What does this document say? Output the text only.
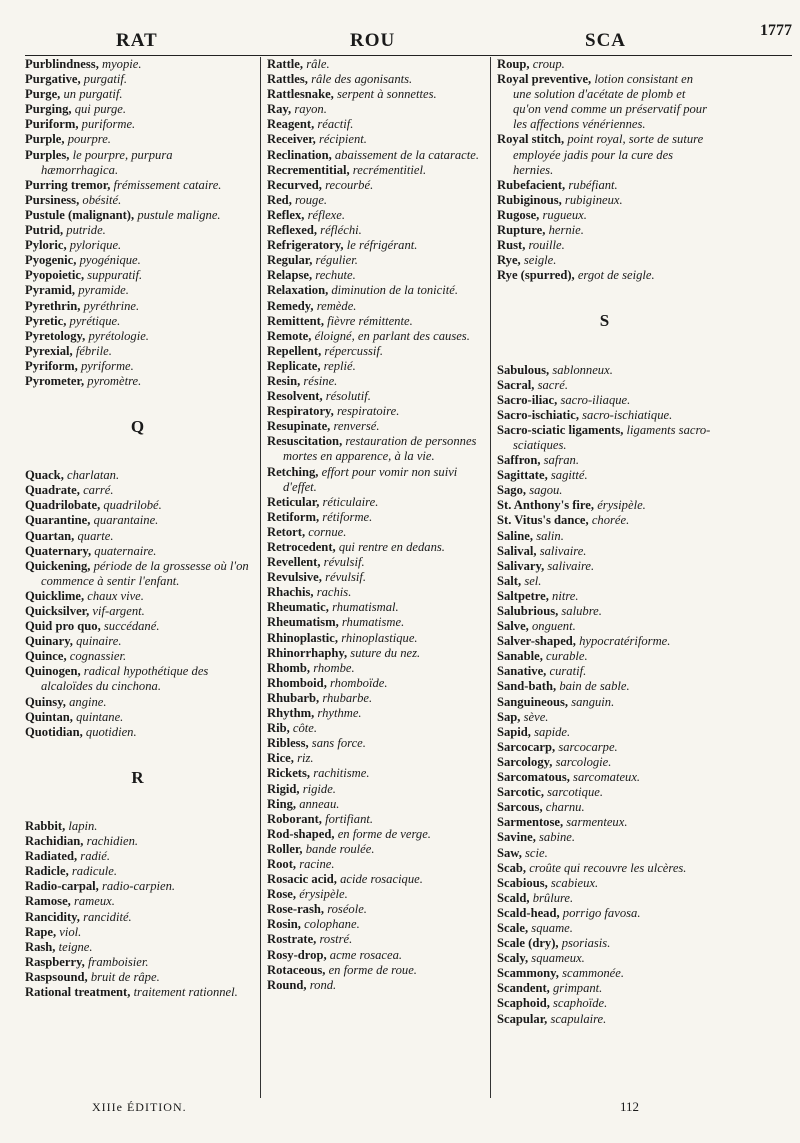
RAT	ROU	SCA	1777
Purblindness, myopie.
Purgative, purgatif.
Purge, un purgatif.
Purging, qui purge.
Puriform, puriforme.
Purple, pourpre.
Purples, le pourpre, purpura hæmorrhagica.
Purring tremor, frémissement cataire.
Pursiness, obésité.
Pustule (malignant), pustule maligne.
Putrid, putride.
Pyloric, pylorique.
Pyogenic, pyogénique.
Pyopoietic, suppuratif.
Pyramid, pyramide.
Pyrethrin, pyréthrine.
Pyretic, pyrétique.
Pyretology, pyrétologie.
Pyrexial, fébrile.
Pyriform, pyriforme.
Pyrometer, pyromètre.
Q
Quack, charlatan.
Quadrate, carré.
Quadrilobate, quadrilobé.
Quarantine, quarantaine.
Quartan, quarte.
Quaternary, quaternaire.
Quickening, période de la grossesse où l'on commence à sentir l'enfant.
Quicklime, chaux vive.
Quicksilver, vif-argent.
Quid pro quo, succédané.
Quinary, quinaire.
Quince, cognassier.
Quinogen, radical hypothétique des alcaloïdes du cinchona.
Quinsy, angine.
Quintan, quintane.
Quotidian, quotidien.
R
Rabbit, lapin.
Rachidian, rachidien.
Radiated, radié.
Radicle, radicule.
Radio-carpal, radio-carpien.
Ramose, rameux.
Rancidity, rancidité.
Rape, viol.
Rash, teigne.
Raspberry, framboisier.
Raspsound, bruit de râpe.
Rational treatment, traitement rationnel.
Rattle, râle.
Rattles, râle des agonisants.
Rattlesnake, serpent à sonnettes.
Ray, rayon.
Reagent, réactif.
Receiver, récipient.
Reclination, abaissement de la cataracte.
Recrementitial, recrémentitiel.
Recurved, recourbé.
Red, rouge.
Reflex, réflexe.
Reflexed, réfléchi.
Refrigeratory, le réfrigérant.
Regular, régulier.
Relapse, rechute.
Relaxation, diminution de la tonicité.
Remedy, remède.
Remittent, fièvre rémittente.
Remote, éloigné, en parlant des causes.
Repellent, répercussif.
Replicate, replié.
Resin, résine.
Resolvent, résolutif.
Respiratory, respiratoire.
Resupinate, renversé.
Resuscitation, restauration de personnes mortes en apparence, à la vie.
Retching, effort pour vomir non suivi d'effet.
Reticular, réticulaire.
Retiform, rétiforme.
Retort, cornue.
Retrocedent, qui rentre en dedans.
Revellent, révulsif.
Revulsive, révulsif.
Rhachis, rachis.
Rheumatic, rhumatismal.
Rheumatism, rhumatisme.
Rhinoplastic, rhinoplastique.
Rhinorrhaphy, suture du nez.
Rhomb, rhombe.
Rhomboid, rhomboïde.
Rhubarb, rhubarbe.
Rhythm, rhythme.
Rib, côte.
Ribless, sans force.
Rice, riz.
Rickets, rachitisme.
Rigid, rigide.
Ring, anneau.
Roborant, fortifiant.
Rod-shaped, en forme de verge.
Roller, bande roulée.
Root, racine.
Rosacic acid, acide rosacique.
Rose, érysipèle.
Rose-rash, roséole.
Rosin, colophane.
Rostrate, rostré.
Rosy-drop, acme rosacea.
Rotaceous, en forme de roue.
Round, rond.
Roup, croup.
Royal preventive, lotion consistant en une solution d'acétate de plomb et qu'on vend comme un préservatif pour les affections vénériennes.
Royal stitch, point royal, sorte de suture employée jadis pour la cure des hernies.
Rubefacient, rubéfiant.
Rubiginous, rubigineux.
Rugose, rugueux.
Rupture, hernie.
Rust, rouille.
Rye, seigle.
Rye (spurred), ergot de seigle.
S
Sabulous, sablonneux.
Sacral, sacré.
Sacro-iliac, sacro-iliaque.
Sacro-ischiatic, sacro-ischiatique.
Sacro-sciatic ligaments, ligaments sacro-sciatiques.
Saffron, safran.
Sagittate, sagitté.
Sago, sagou.
St. Anthony's fire, érysipèle.
St. Vitus's dance, chorée.
Saline, salin.
Salival, salivaire.
Salivary, salivaire.
Salt, sel.
Saltpetre, nitre.
Salubrious, salubre.
Salve, onguent.
Salver-shaped, hypocratériforme.
Sanable, curable.
Sanative, curatif.
Sand-bath, bain de sable.
Sanguineous, sanguin.
Sap, sève.
Sapid, sapide.
Sarcocarp, sarcocarpe.
Sarcology, sarcologie.
Sarcomatous, sarcomateux.
Sarcotic, sarcotique.
Sarcous, charnu.
Sarmentose, sarmenteux.
Savine, sabine.
Saw, scie.
Scab, croûte qui recouvre les ulcères.
Scabious, scabieux.
Scald, brûlure.
Scald-head, porrigo favosa.
Scale, squame.
Scale (dry), psoriasis.
Scaly, squameux.
Scammony, scammonée.
Scandent, grimpant.
Scaphoid, scaphoïde.
Scapular, scapulaire.
XIIIe ÉDITION.	112
